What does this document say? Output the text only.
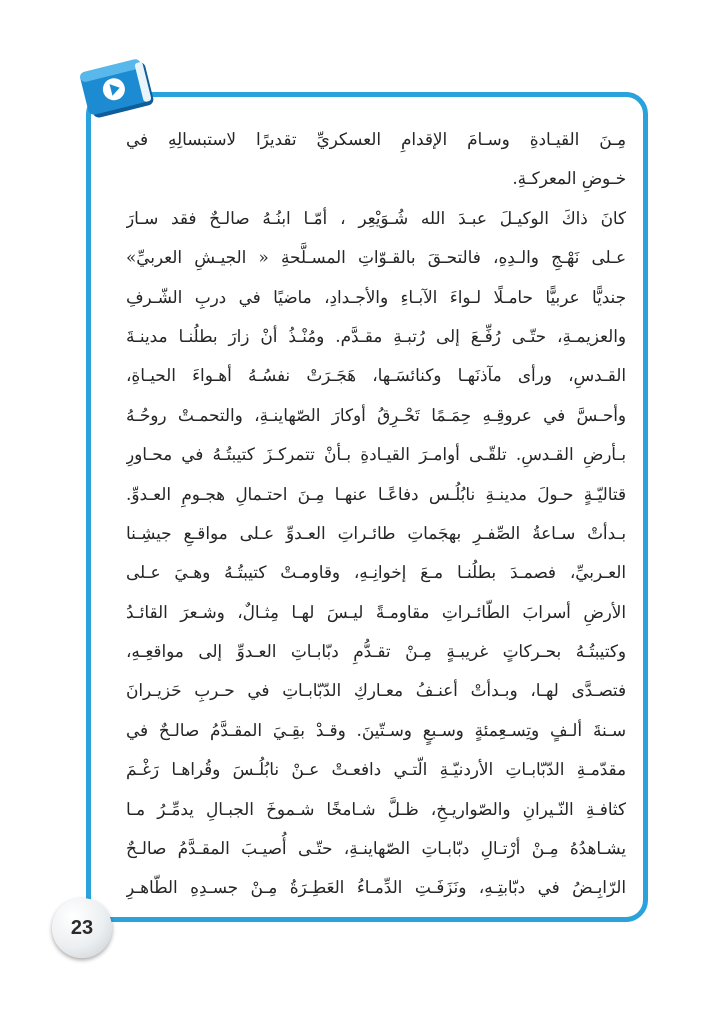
مِـنَ القيـادةِ وسـامَ الإقدامِ العسكريِّ تقديرًا لاستبسالِهِ في
خـوضِ المعركـةِ.
كانَ ذاكَ الوكيـلَ عبـدَ الله شُـوَيْعِر ، أمّـا ابنُـهُ صالـحٌ فقد سـارَ
عـلى نَهْـجِ والـدِهِ، فالتحـقَ بالقـوّاتِ المسـلَّحةِ « الجيـشِ العربيِّ»
جنديًّا عربيًّا حامـلًا لـواءَ الآبـاءِ والأجـدادِ، ماضيًا في دربِ الشّـرفِ
والعزيمـةِ، حتّـى رُفِّـعَ إلى رُتبـةِ مقـدَّم. ومُنْـذُ أنْ زارَ بطلُنـا مدينـةَ
القـدسِ، ورأى مآذنَهـا وكنائسَـها، هَجَـرَتْ نفسُـهُ أهـواءَ الحيـاةِ،
وأحـسَّ في عروقِـهِ حِمَـمًا تَحْـرِقُ أوكارَ الصّهاينـةِ، والتحمـتْ روحُـهُ
بـأرضِ القـدسِ. تلقّـى أوامـرَ القيـادةِ بـأنْ تتمركـزَ كتيبتُـهُ في محـاورِ
قتاليّـةٍ حـولَ مدينـةِ نابُلُـس دفاعًـا عنهـا مِـنَ احتـمالِ هجـومِ العـدوِّ.
بـدأتْ سـاعةُ الصِّفـرِ بهجَماتِ طائـراتِ العـدوِّ عـلى مواقـعِ جيشِـنا
العـربيِّ، فصمـدَ بطلُنـا مـعَ إخوانِـهِ، وقاومـتْ كتيبتُـهُ وهـيَ عـلى
الأرضِ أسرابَ الطّائـراتِ مقاومـةً ليـسَ لهـا مِثـالٌ، وشـعرَ القائـدُ
وكتيبتُـهُ بحـركاتٍ غريبـةٍ مِـنْ تقـدُّمِ دبّابـاتِ العـدوِّ إلى مواقعِـهِ،
فتصـدَّى لهـا، وبـدأتْ أعنـفُ معـاركِ الدّبّابـاتِ في حـربِ حَزيـرانَ
سـنةَ ألـفٍ وتِسـعِمئةٍ وسـبعٍ وسـتّينَ. وقـدْ بقِـيَ المقـدَّمُ صالـحٌ في
مقدّمـةِ الدّبّابـاتِ الأردنيّـةِ الّتـي دافعـتْ عـنْ نابُلُـسَ وقُراهـا رَغْـمَ
كثافـةِ النّـيرانِ والصّواريـخِ، ظـلَّ شـامخًا شـموخَ الجبـالِ يدمِّـرُ مـا
يشـاهدُهُ مِـنْ أرْتـالِ دبّابـاتِ الصّهاينـةِ، حتّـى أُصيـبَ المقـدَّمُ صالـحٌ
الرّابِـضُ في دبّابتِـهِ، ونَزَفَـتِ الدِّمـاءُ العَطِـرَةُ مِـنْ جسـدِهِ الطّاهـرِ
23
